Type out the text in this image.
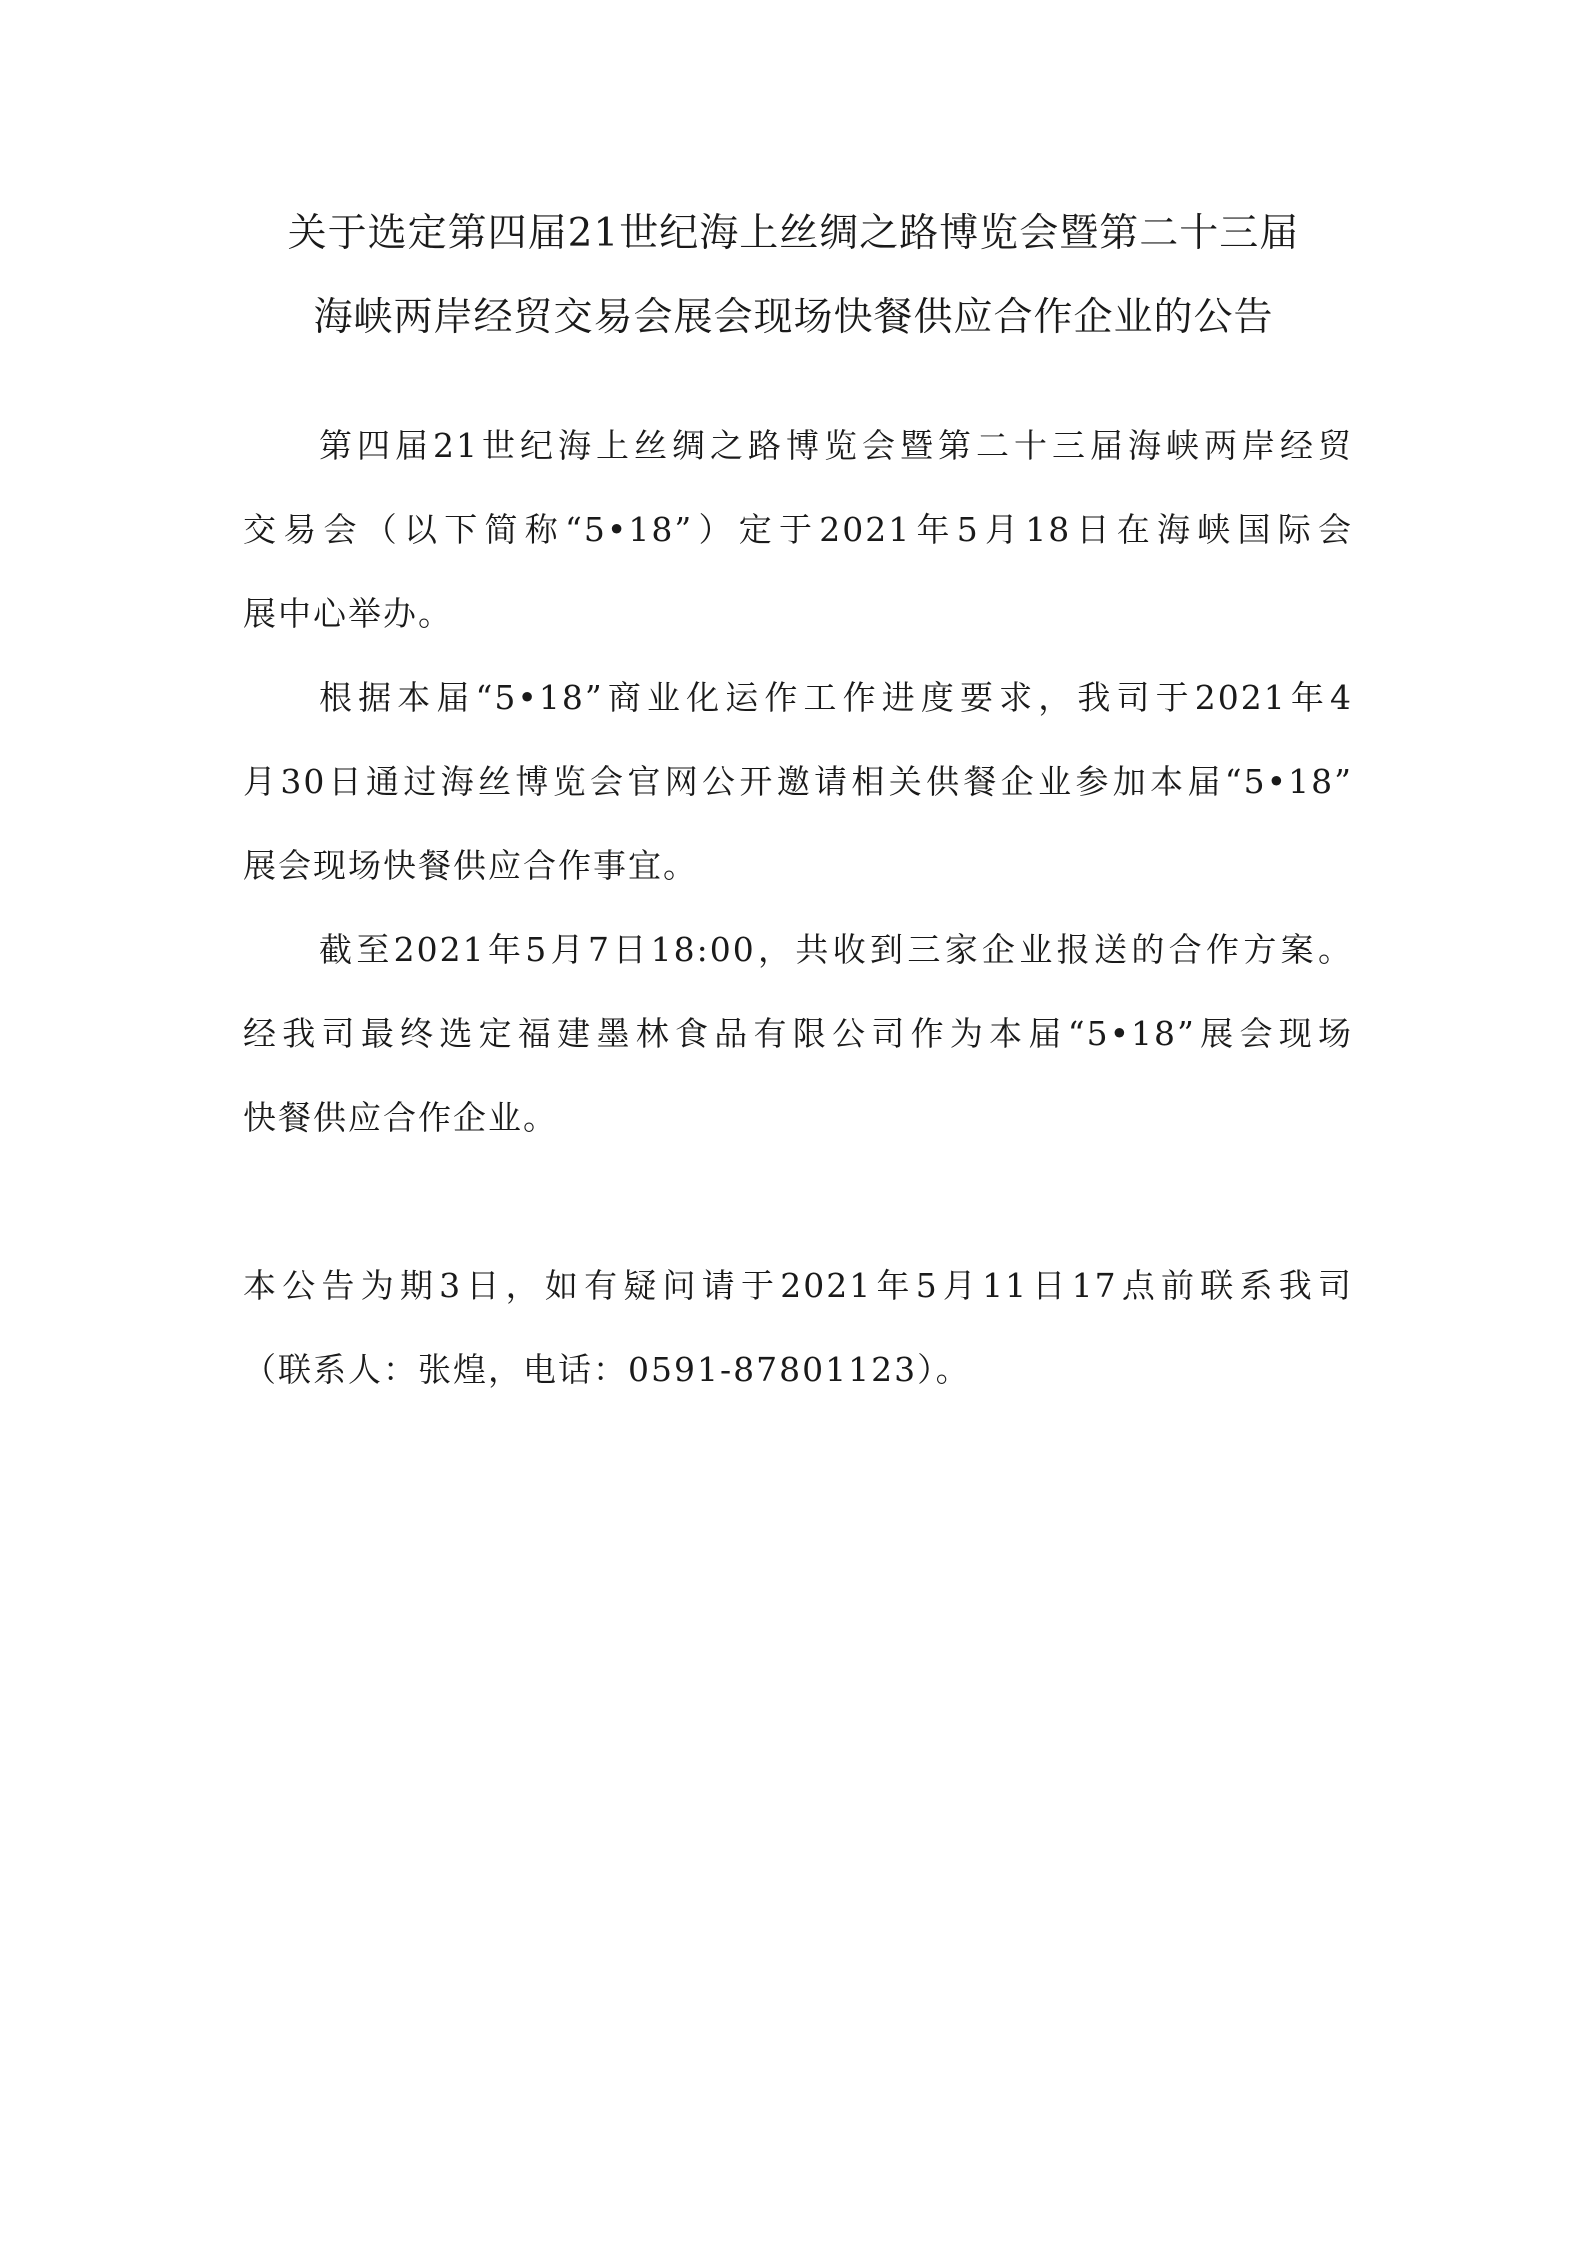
关于选定第四届21世纪海上丝绸之路博览会暨第二十三届
海峡两岸经贸交易会展会现场快餐供应合作企业的公告
第四届21世纪海上丝绸之路博览会暨第二十三届海峡两岸经贸
交易会（以下简称“5•18”）定于2021年5月18日在海峡国际会
展中心举办。
根据本届“5•18”商业化运作工作进度要求，我司于2021年4
月30日通过海丝博览会官网公开邀请相关供餐企业参加本届“5•18”
展会现场快餐供应合作事宜。
截至2021年5月7日18:00，共收到三家企业报送的合作方案。
经我司最终选定福建墨林食品有限公司作为本届“5•18”展会现场
快餐供应合作企业。
本公告为期3日，如有疑问请于2021年5月11日17点前联系我司
（联系人：张煌，电话：0591-87801123）。
